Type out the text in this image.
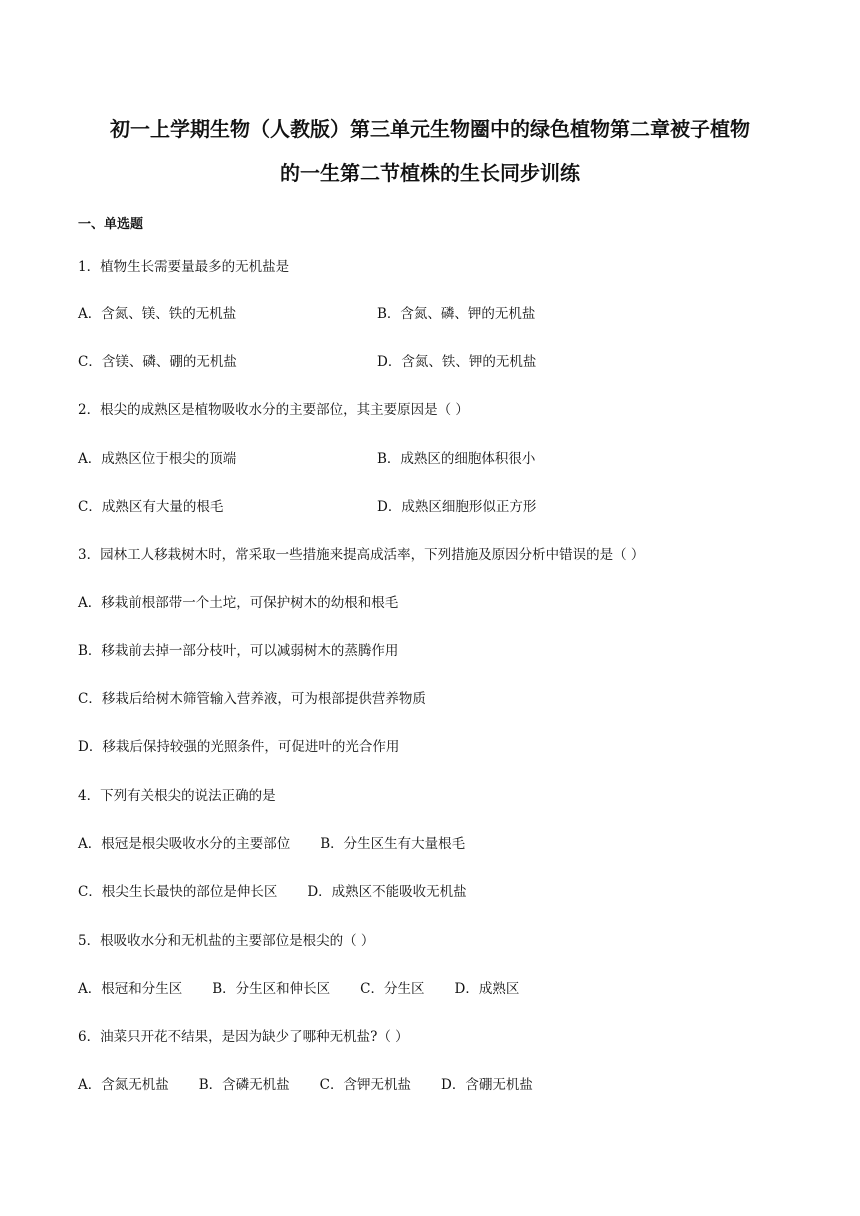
初一上学期生物（人教版）第三单元生物圈中的绿色植物第二章被子植物
的一生第二节植株的生长同步训练
一、单选题
1．植物生长需要量最多的无机盐是
A．含氮、镁、铁的无机盐	B．含氮、磷、钾的无机盐
C．含镁、磷、硼的无机盐	D．含氮、铁、钾的无机盐
2．根尖的成熟区是植物吸收水分的主要部位，其主要原因是（ ）
A．成熟区位于根尖的顶端	B．成熟区的细胞体积很小
C．成熟区有大量的根毛	D．成熟区细胞形似正方形
3．园林工人移栽树木时，常采取一些措施来提高成活率，下列措施及原因分析中错误的是（ ）
A．移栽前根部带一个土坨，可保护树木的幼根和根毛
B．移栽前去掉一部分枝叶，可以减弱树木的蒸腾作用
C．移栽后给树木筛管输入营养液，可为根部提供营养物质
D．移栽后保持较强的光照条件，可促进叶的光合作用
4．下列有关根尖的说法正确的是
A．根冠是根尖吸收水分的主要部位 B．分生区生有大量根毛
C．根尖生长最快的部位是伸长区 D．成熟区不能吸收无机盐
5．根吸收水分和无机盐的主要部位是根尖的（ ）
A．根冠和分生区 B．分生区和伸长区 C．分生区 D．成熟区
6．油菜只开花不结果，是因为缺少了哪种无机盐?（ ）
A．含氮无机盐 B．含磷无机盐 C．含钾无机盐 D．含硼无机盐
